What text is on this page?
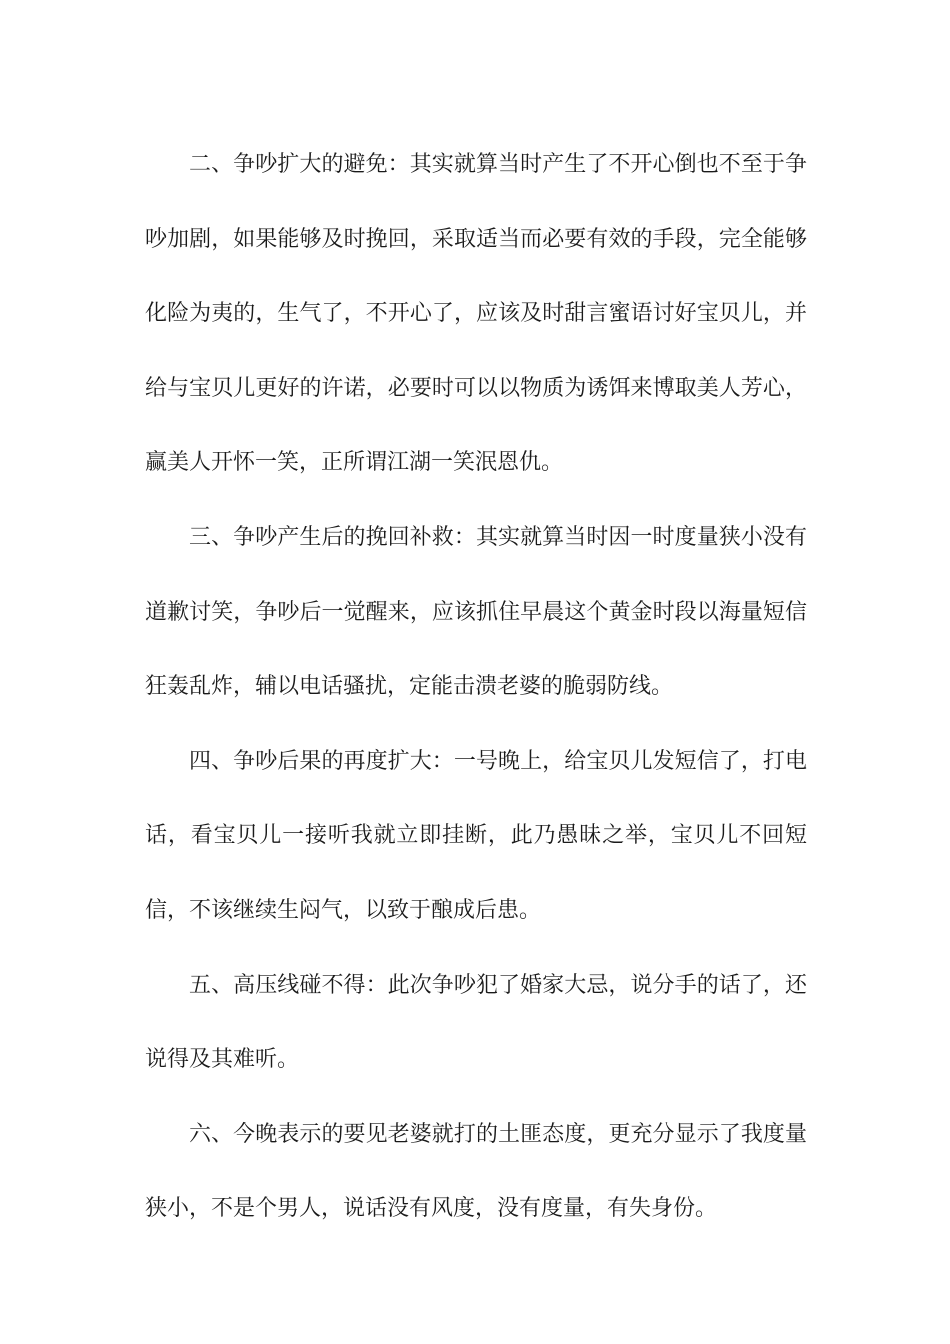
二、争吵扩大的避免：其实就算当时产生了不开心倒也不至于争吵加剧，如果能够及时挽回，采取适当而必要有效的手段，完全能够化险为夷的，生气了，不开心了，应该及时甜言蜜语讨好宝贝儿，并给与宝贝儿更好的许诺，必要时可以以物质为诱饵来博取美人芳心，赢美人开怀一笑，正所谓江湖一笑泯恩仇。

三、争吵产生后的挽回补救：其实就算当时因一时度量狭小没有道歉讨笑，争吵后一觉醒来，应该抓住早晨这个黄金时段以海量短信狂轰乱炸，辅以电话骚扰，定能击溃老婆的脆弱防线。

四、争吵后果的再度扩大：一号晚上，给宝贝儿发短信了，打电话，看宝贝儿一接听我就立即挂断，此乃愚昧之举，宝贝儿不回短信，不该继续生闷气，以致于酿成后患。

五、高压线碰不得：此次争吵犯了婚家大忌，说分手的话了，还说得及其难听。

六、今晚表示的要见老婆就打的土匪态度，更充分显示了我度量狭小，不是个男人，说话没有风度，没有度量，有失身份。
